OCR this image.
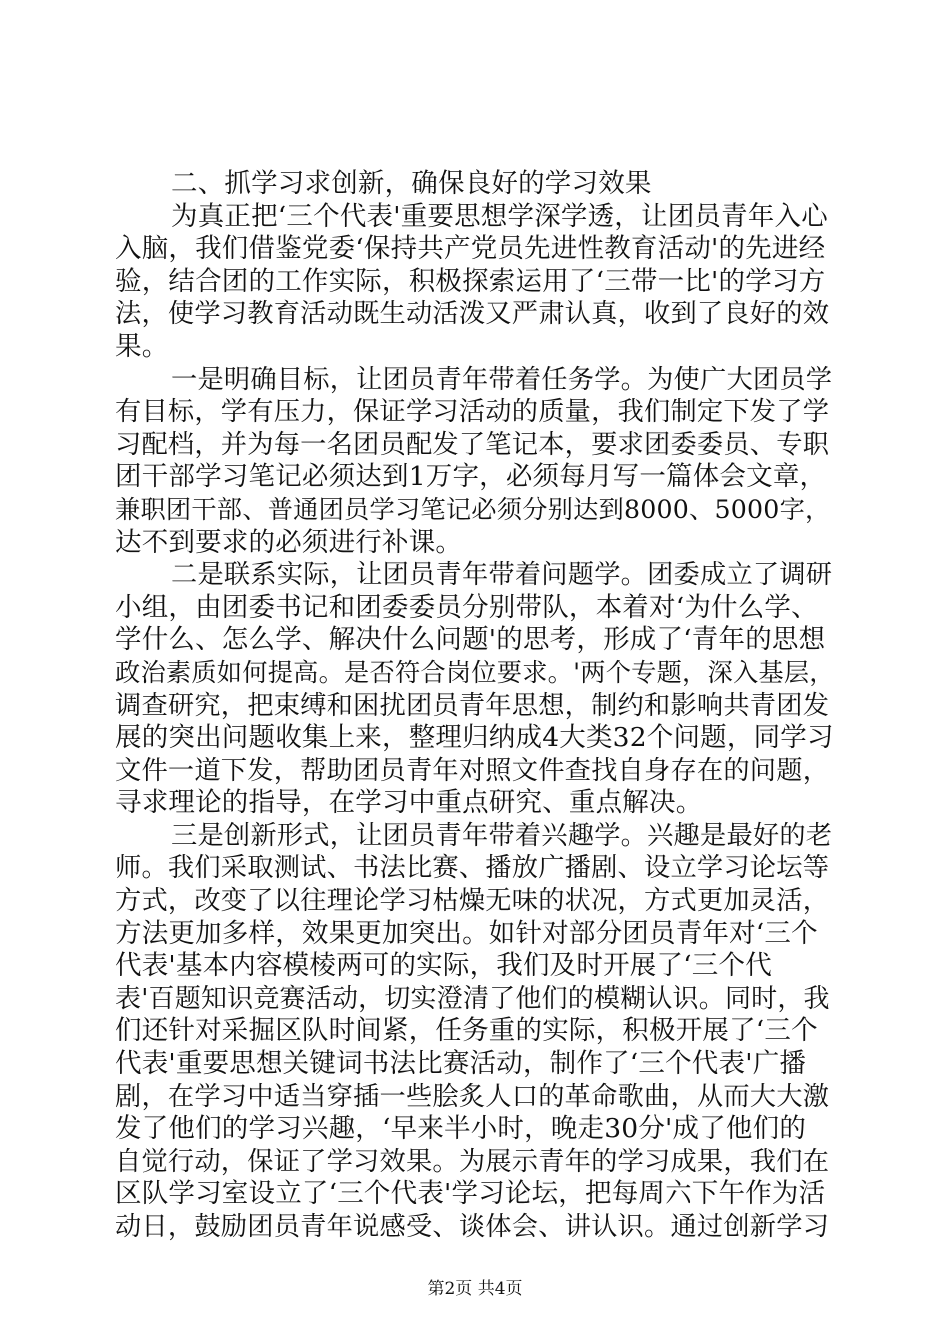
二、抓学习求创新，确保良好的学习效果
为真正把‘三个代表'重要思想学深学透，让团员青年入心
入脑，我们借鉴党委‘保持共产党员先进性教育活动'的先进经
验，结合团的工作实际，积极探索运用了‘三带一比'的学习方
法，使学习教育活动既生动活泼又严肃认真，收到了良好的效
果。
一是明确目标，让团员青年带着任务学。为使广大团员学
有目标，学有压力，保证学习活动的质量，我们制定下发了学
习配档，并为每一名团员配发了笔记本，要求团委委员、专职
团干部学习笔记必须达到1万字，必须每月写一篇体会文章，
兼职团干部、普通团员学习笔记必须分别达到8000、5000字，
达不到要求的必须进行补课。
二是联系实际，让团员青年带着问题学。团委成立了调研
小组，由团委书记和团委委员分别带队，本着对‘为什么学、
学什么、怎么学、解决什么问题'的思考，形成了‘青年的思想
政治素质如何提高。是否符合岗位要求。'两个专题，深入基层，
调查研究，把束缚和困扰团员青年思想，制约和影响共青团发
展的突出问题收集上来，整理归纳成4大类32个问题，同学习
文件一道下发，帮助团员青年对照文件查找自身存在的问题，
寻求理论的指导，在学习中重点研究、重点解决。
三是创新形式，让团员青年带着兴趣学。兴趣是最好的老
师。我们采取测试、书法比赛、播放广播剧、设立学习论坛等
方式，改变了以往理论学习枯燥无味的状况，方式更加灵活，
方法更加多样，效果更加突出。如针对部分团员青年对‘三个
代表'基本内容模棱两可的实际，我们及时开展了‘三个代
表'百题知识竞赛活动，切实澄清了他们的模糊认识。同时，我
们还针对采掘区队时间紧，任务重的实际，积极开展了‘三个
代表'重要思想关键词书法比赛活动，制作了‘三个代表'广播
剧，在学习中适当穿插一些脍炙人口的革命歌曲，从而大大激
发了他们的学习兴趣，‘早来半小时，晚走30分'成了他们的
自觉行动，保证了学习效果。为展示青年的学习成果，我们在
区队学习室设立了‘三个代表'学习论坛，把每周六下午作为活
动日，鼓励团员青年说感受、谈体会、讲认识。通过创新学习
第2页 共4页
